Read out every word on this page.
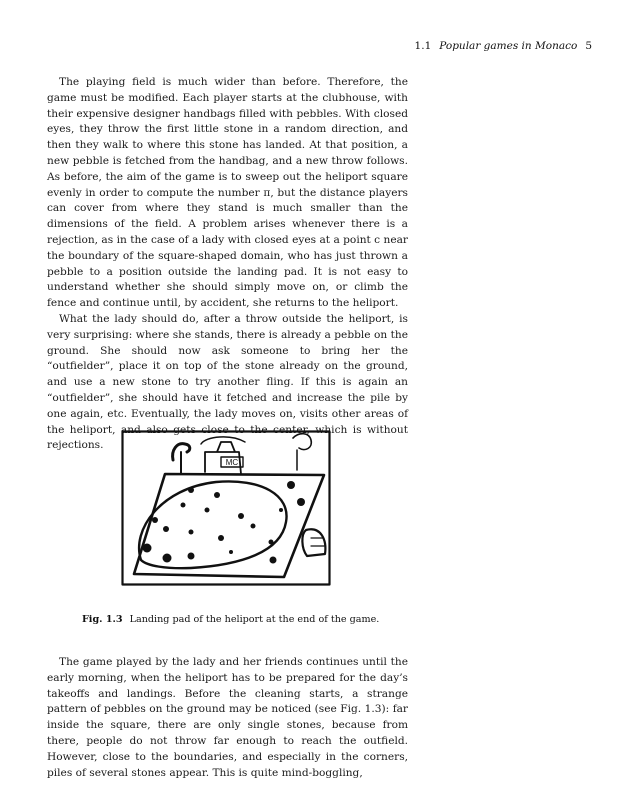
1.1 Popular games in Monaco 5

The playing field is much wider than before. Therefore, the game must be modified. Each player starts at the clubhouse, with their expensive designer handbags filled with pebbles. With closed eyes, they throw the first little stone in a random direction, and then they walk to where this stone has landed. At that position, a new pebble is fetched from the handbag, and a new throw follows. As before, the aim of the game is to sweep out the heliport square evenly in order to compute the number π, but the distance players can cover from where they stand is much smaller than the dimensions of the field. A problem arises whenever there is a rejection, as in the case of a lady with closed eyes at a point c near the boundary of the square-shaped domain, who has just thrown a pebble to a position outside the landing pad. It is not easy to understand whether she should simply move on, or climb the fence and continue until, by accident, she returns to the heliport.

What the lady should do, after a throw outside the heliport, is very surprising: where she stands, there is already a pebble on the ground. She should now ask someone to bring her the “outfielder”, place it on top of the stone already on the ground, and use a new stone to try another fling. If this is again an “outfielder”, she should have it fetched and increase the pile by one again, etc. Eventually, the lady moves on, visits other areas of the heliport, and also gets close to the center, which is without rejections.

MC
Fig. 1.3 Landing pad of the heliport at the end of the game.

The game played by the lady and her friends continues until the early morning, when the heliport has to be prepared for the day’s takeoffs and landings. Before the cleaning starts, a strange pattern of pebbles on the ground may be noticed (see Fig. 1.3): far inside the square, there are only single stones, because from there, people do not throw far enough to reach the outfield. However, close to the boundaries, and especially in the corners, piles of several stones appear. This is quite mind-boggling,
